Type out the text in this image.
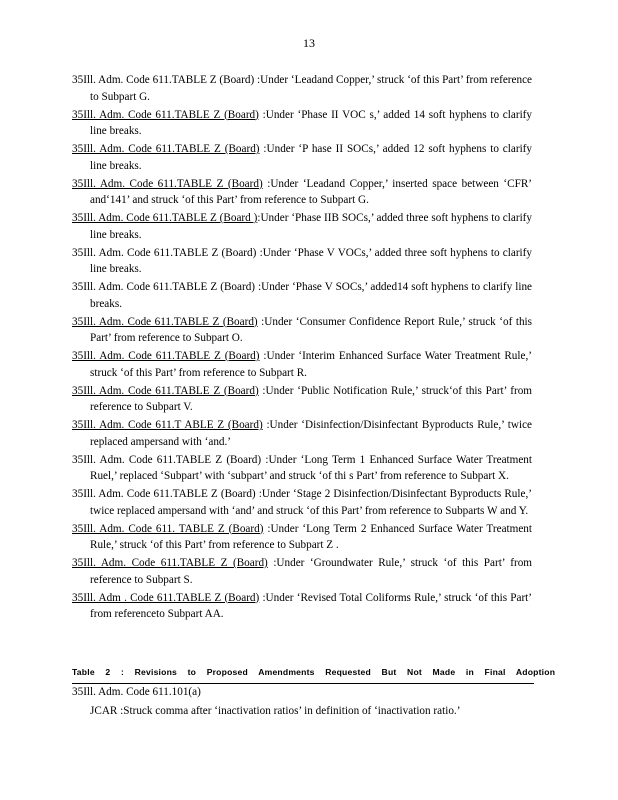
13
35Ill. Adm. Code 611.TABLE Z (Board) :Under ‘Leadand Copper,’ struck ‘of this Part’ from reference to Subpart G.
35Ill. Adm. Code 611.TABLE Z (Board) :Under ‘Phase II VOC s,’ added 14 soft hyphens to clarify line breaks.
35Ill. Adm. Code 611.TABLE Z (Board) :Under ‘P hase II SOCs,’ added 12 soft hyphens to clarify line breaks.
35Ill. Adm. Code 611.TABLE Z (Board) :Under ‘Leadand Copper,’ inserted space between ‘CFR’ and‘141’ and struck ‘of this Part’ from reference to Subpart G.
35Ill. Adm. Code 611.TABLE Z (Board ):Under ‘Phase IIB SOCs,’ added three soft hyphens to clarify line breaks.
35Ill. Adm. Code 611.TABLE Z (Board) :Under ‘Phase V VOCs,’ added three soft hyphens to clarify line breaks.
35Ill. Adm. Code 611.TABLE Z (Board) :Under ‘Phase V SOCs,’ added14 soft hyphens to clarify line breaks.
35Ill. Adm. Code 611.TABLE Z (Board) :Under ‘Consumer Confidence Report Rule,’ struck ‘of this Part’ from reference to Subpart O.
35Ill. Adm. Code 611.TABLE Z (Board) :Under ‘Interim Enhanced Surface Water Treatment Rule,’ struck ‘of this Part’ from reference to Subpart R.
35Ill. Adm. Code 611.TABLE Z (Board) :Under ‘Public Notification Rule,’ struck‘of this Part’ from reference to Subpart V.
35Ill. Adm. Code 611.T ABLE Z (Board) :Under ‘Disinfection/Disinfectant Byproducts Rule,’ twice replaced ampersand with ‘and.’
35Ill. Adm. Code 611.TABLE Z (Board) :Under ‘Long Term 1 Enhanced Surface Water Treatment Ruel,’ replaced ‘Subpart’ with ‘subpart’ and struck ‘of thi s Part’ from reference to Subpart X.
35Ill. Adm. Code 611.TABLE Z (Board) :Under ‘Stage 2 Disinfection/Disinfectant Byproducts Rule,’ twice replaced ampersand with ‘and’ and struck ‘of this Part’ from reference to Subparts W and Y.
35Ill. Adm. Code 611. TABLE Z (Board) :Under ‘Long Term 2 Enhanced Surface Water Treatment Rule,’ struck ‘of this Part’ from reference to Subpart Z .
35Ill. Adm. Code 611.TABLE Z (Board) :Under ‘Groundwater Rule,’ struck ‘of this Part’ from reference to Subpart S.
35Ill. Adm . Code 611.TABLE Z (Board) :Under ‘Revised Total Coliforms Rule,’ struck ‘of this Part’ from referenceto Subpart AA.
Table 2 : Revisions to Proposed Amendments Requested But Not Made in Final Adoption
35Ill. Adm. Code 611.101(a)
JCAR :Struck comma after ‘inactivation ratios’ in definition of ‘inactivation ratio.’
